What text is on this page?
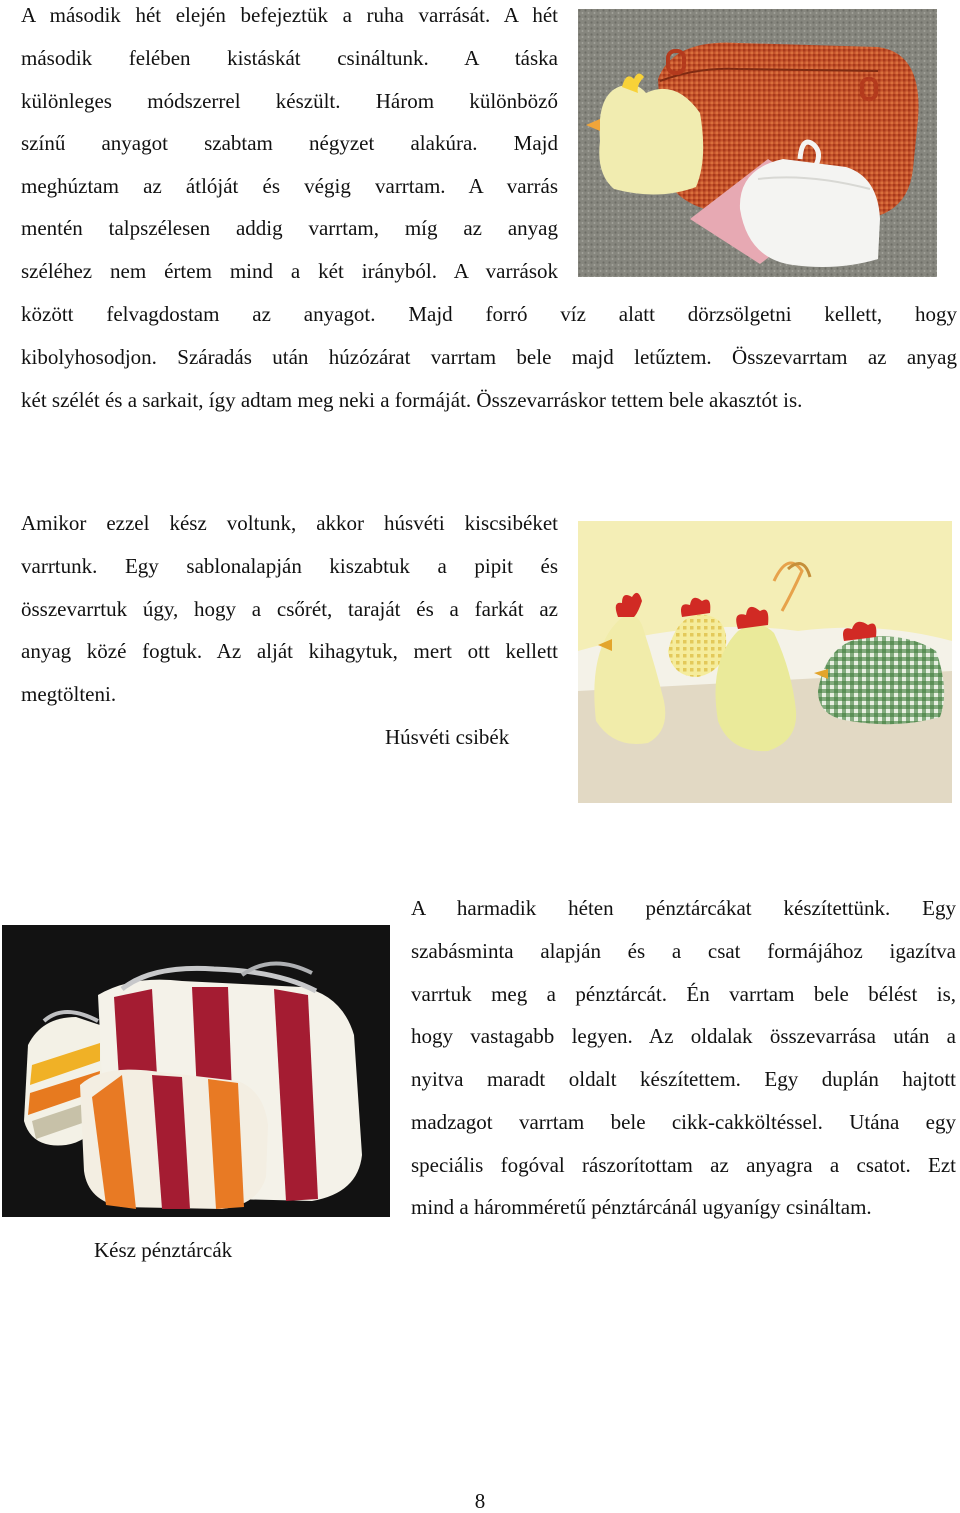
A második hét elején befejeztük a ruha varrását. A hét
második felében kistáskát csináltunk. A táska
különleges módszerrel készült. Három különböző
színű anyagot szabtam négyzet alakúra. Majd
meghúztam az átlóját és végig varrtam. A varrás
mentén talpszélesen addig varrtam, míg az anyag
széléhez nem értem mind a két irányból. A varrások
között felvagdostam az anyagot. Majd forró víz alatt dörzsölgetni kellett, hogy
kibolyhosodjon. Száradás után húzózárat varrtam bele majd letűztem. Összevarrtam az anyag
két szélét és a sarkait, így adtam meg neki a formáját. Összevarráskor tettem bele akasztót is.
Amikor ezzel kész voltunk, akkor húsvéti kiscsibéket
varrtunk. Egy sablonalapján kiszabtuk a pipit és
összevarrtuk úgy, hogy a csőrét, taraját és a farkát az
anyag közé fogtuk. Az alját kihagytuk, mert ott kellett
megtölteni.
Húsvéti csibék
A harmadik héten pénztárcákat készítettünk. Egy
szabásminta alapján és a csat formájához igazítva
varrtuk meg a pénztárcát. Én varrtam bele bélést is,
hogy vastagabb legyen. Az oldalak összevarrása után a
nyitva maradt oldalt készítettem. Egy duplán hajtott
madzagot varrtam bele cikk-cakköltéssel. Utána egy
speciális fogóval rászorítottam az anyagra a csatot. Ezt
mind a háromméretű pénztárcánál ugyanígy csináltam.
Kész pénztárcák
8
